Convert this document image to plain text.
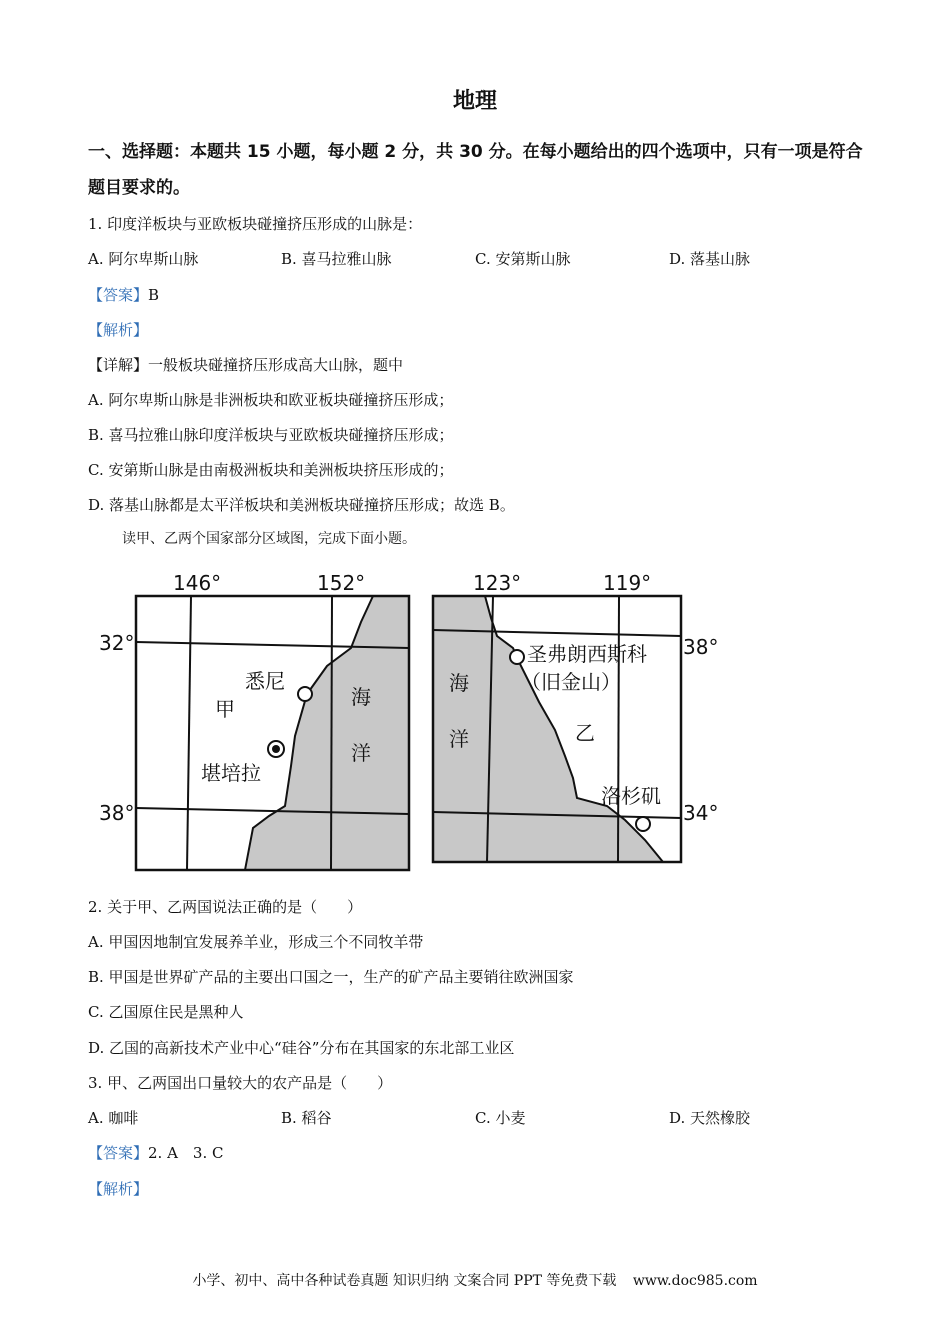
地理
一、选择题：本题共 15 小题，每小题 2 分，共 30 分。在每小题给出的四个选项中，只有一项是符合题目要求的。
1. 印度洋板块与亚欧板块碰撞挤压形成的山脉是：
A. 阿尔卑斯山脉	B. 喜马拉雅山脉	C. 安第斯山脉	D. 落基山脉
【答案】B
【解析】
【详解】一般板块碰撞挤压形成高大山脉，题中
A. 阿尔卑斯山脉是非洲板块和欧亚板块碰撞挤压形成；
B. 喜马拉雅山脉印度洋板块与亚欧板块碰撞挤压形成；
C. 安第斯山脉是由南极洲板块和美洲板块挤压形成的；
D. 落基山脉都是太平洋板块和美洲板块碰撞挤压形成；故选 B。
读甲、乙两个国家部分区域图，完成下面小题。
146°	152°
32°
38°
甲	海
洋
悉尼
堪培拉
123°	119°
38°
34°
海
洋	乙
圣弗朗西斯科
（旧金山）
洛杉矶
2. 关于甲、乙两国说法正确的是（　　）
A. 甲国因地制宜发展养羊业，形成三个不同牧羊带
B. 甲国是世界矿产品的主要出口国之一，生产的矿产品主要销往欧洲国家
C. 乙国原住民是黑种人
D. 乙国的高新技术产业中心“硅谷”分布在其国家的东北部工业区
3. 甲、乙两国出口量较大的农产品是（　　）
A. 咖啡	B. 稻谷	C. 小麦	D. 天然橡胶
【答案】2. A　3. C
【解析】
小学、初中、高中各种试卷真题 知识归纳 文案合同 PPT 等免费下载 www.doc985.com
